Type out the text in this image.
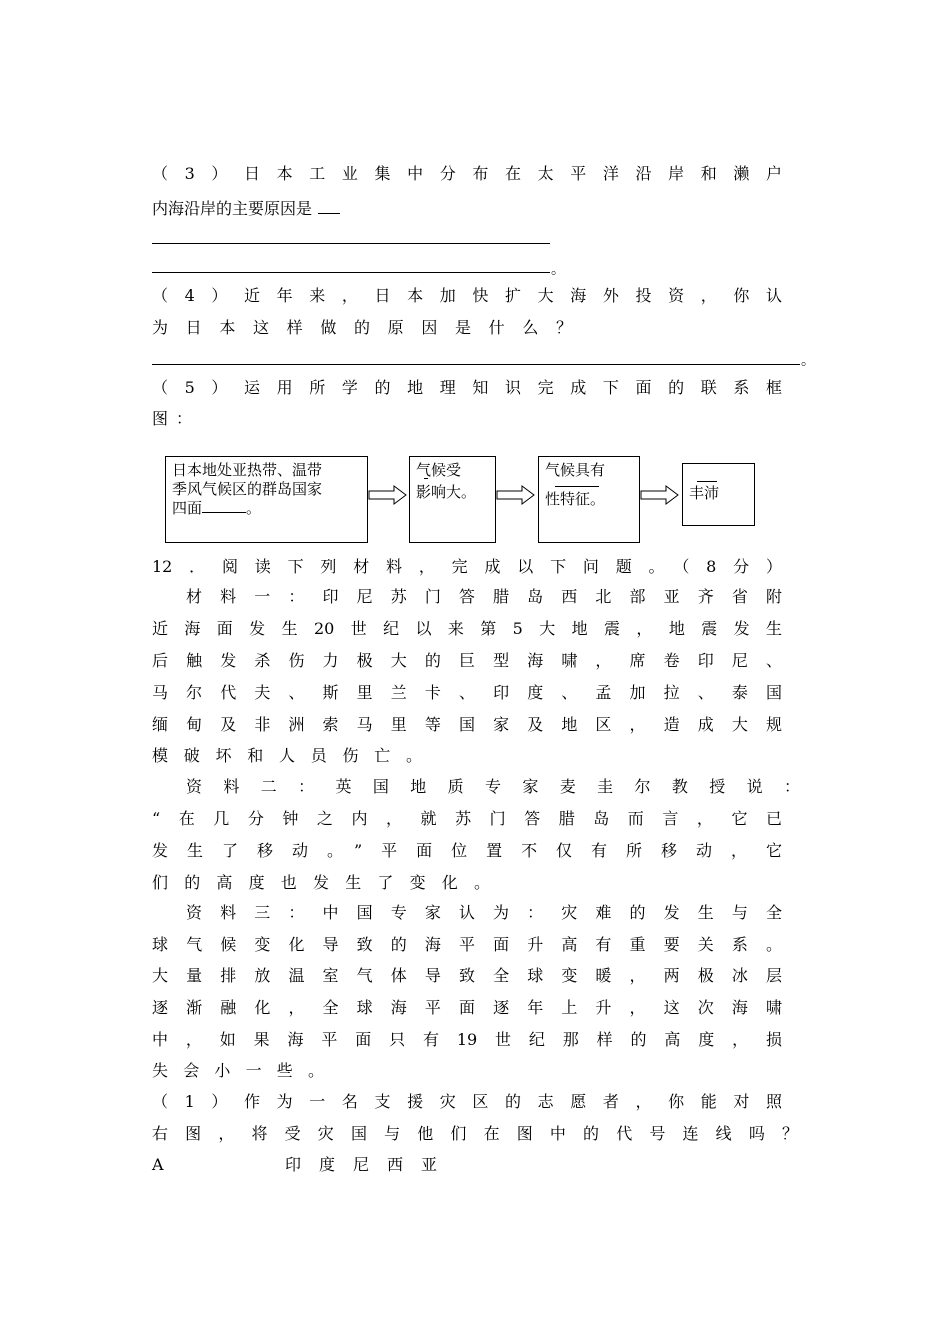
（3）日本工业集中分布在太平洋沿岸和濑户
内海沿岸的主要原因是
。
（4）近年来，日本加快扩大海外投资，你认
为日本这样做的原因是什么？
。
（5）运用所学的地理知识完成下面的联系框
图：
日本地处亚热带、温带
季风气候区的群岛国家
四面	。
气候受
影响大。
气候具有
性特征。	丰沛
12．阅读下列材料，完成以下问题。（8分）
材料一：印尼苏门答腊岛西北部亚齐省附
近海面发生20世纪以来第5大地震，地震发生
后触发杀伤力极大的巨型海啸，席卷印尼、
马尔代夫、斯里兰卡、印度、孟加拉、泰国
缅甸及非洲索马里等国家及地区，造成大规
模破坏和人员伤亡。
资料二：英国地质专家麦圭尔教授说：
“在几分钟之内，就苏门答腊岛而言，它已
发生了移动。”平面位置不仅有所移动，它
们的高度也发生了变化。
资料三：中国专家认为：灾难的发生与全
球气候变化导致的海平面升高有重要关系。
大量排放温室气体导致全球变暖，两极冰层
逐渐融化，全球海平面逐年上升，这次海啸
中，如果海平面只有19世纪那样的高度，损
失会小一些。
（1）作为一名支援灾区的志愿者，你能对照
右图，将受灾国与他们在图中的代号连线吗？
A	印度尼西亚
